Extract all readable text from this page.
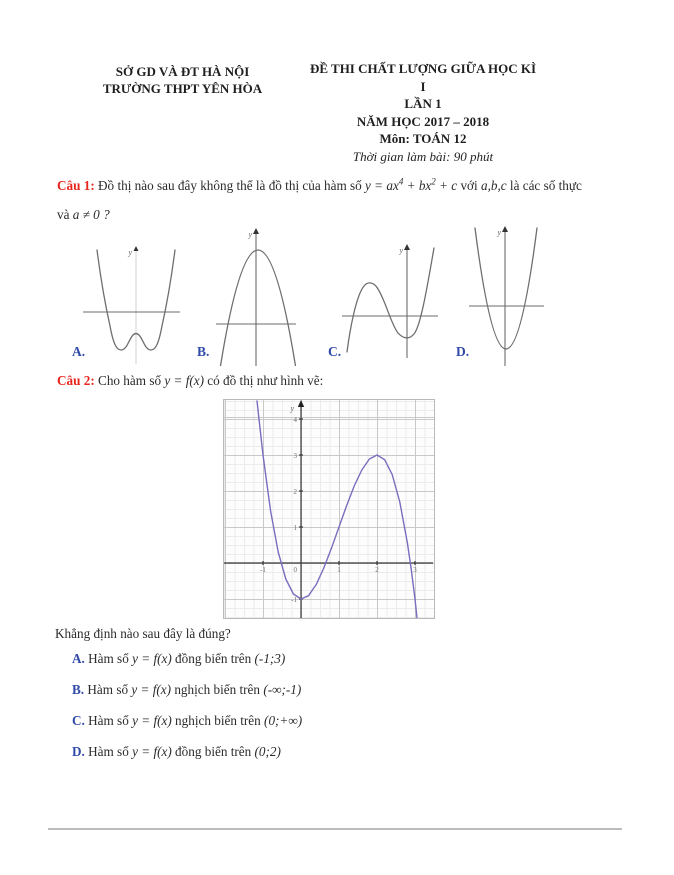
SỞ GD VÀ ĐT HÀ NỘI
TRƯỜNG THPT YÊN HÒA
ĐỀ THI CHẤT LƯỢNG GIỮA HỌC KÌ I
LẦN 1
NĂM HỌC 2017 – 2018
Môn: TOÁN 12
Thời gian làm bài: 90 phút
Câu 1: Đồ thị nào sau đây không thể là đồ thị của hàm số $y = ax^4 + bx^2 + c$ với a,b,c là các số thực
và a ≠ 0 ?
y
y
y
y
A.	B.	C.	D.
Câu 2: Cho hàm số y = f(x) có đồ thị như hình vẽ:
y
-1	0	1	2	3
4
3
2
1
-1
Khẳng định nào sau đây là đúng?
A. Hàm số y = f(x) đồng biến trên (-1;3)
B. Hàm số y = f(x) nghịch biến trên (-∞;-1)
C. Hàm số y = f(x) nghịch biến trên (0;+∞)
D. Hàm số y = f(x) đồng biến trên (0;2)
